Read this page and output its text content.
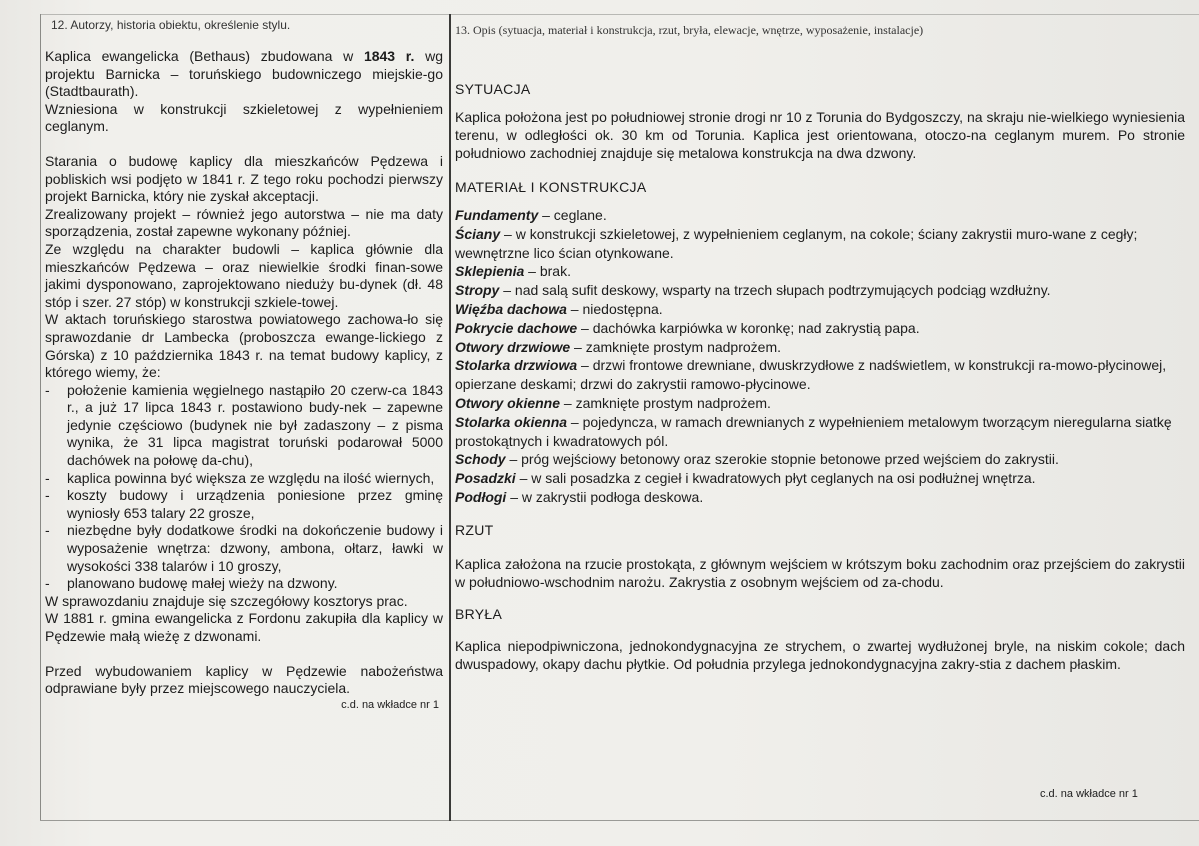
12. Autorzy, historia obiektu, określenie stylu.

Kaplica ewangelicka (Bethaus) zbudowana w 1843 r. wg projektu Barnicka – toruńskiego budowniczego miejskie-go (Stadtbaurath).

Wzniesiona w konstrukcji szkieletowej z wypełnieniem ceglanym.

Starania o budowę kaplicy dla mieszkańców Pędzewa i pobliskich wsi podjęto w 1841 r. Z tego roku pochodzi pierwszy projekt Barnicka, który nie zyskał akceptacji.

Zrealizowany projekt – również jego autorstwa – nie ma daty sporządzenia, został zapewne wykonany później.

Ze względu na charakter budowli – kaplica głównie dla mieszkańców Pędzewa – oraz niewielkie środki finan-sowe jakimi dysponowano, zaprojektowano nieduży bu-dynek (dł. 48 stóp i szer. 27 stóp) w konstrukcji szkiele-towej.

W aktach toruńskiego starostwa powiatowego zachowa-ło się sprawozdanie dr Lambecka (proboszcza ewange-lickiego z Górska) z 10 października 1843 r. na temat budowy kaplicy, z którego wiemy, że:

- położenie kamienia węgielnego nastąpiło 20 czerw-ca 1843 r., a już 17 lipca 1843 r. postawiono budy-nek – zapewne jedynie częściowo (budynek nie był zadaszony – z pisma wynika, że 31 lipca magistrat toruński podarował 5000 dachówek na połowę da-chu),
- kaplica powinna być większa ze względu na ilość wiernych,
- koszty budowy i urządzenia poniesione przez gminę wyniosły 653 talary 22 grosze,
- niezbędne były dodatkowe środki na dokończenie budowy i wyposażenie wnętrza: dzwony, ambona, ołtarz, ławki w wysokości 338 talarów i 10 groszy,
- planowano budowę małej wieży na dzwony.

W sprawozdaniu znajduje się szczegółowy kosztorys prac.

W 1881 r. gmina ewangelicka z Fordonu zakupiła dla kaplicy w Pędzewie małą wieżę z dzwonami.

Przed wybudowaniem kaplicy w Pędzewie nabożeństwa odprawiane były przez miejscowego nauczyciela.

c.d. na wkładce nr 1

13. Opis (sytuacja, materiał i konstrukcja, rzut, bryła, elewacje, wnętrze, wyposażenie, instalacje)

SYTUACJA

Kaplica położona jest po południowej stronie drogi nr 10 z Torunia do Bydgoszczy, na skraju nie-wielkiego wyniesienia terenu, w odległości ok. 30 km od Torunia. Kaplica jest orientowana, otoczo-na ceglanym murem. Po stronie południowo zachodniej znajduje się metalowa konstrukcja na dwa dzwony.

MATERIAŁ I KONSTRUKCJA

Fundamenty – ceglane.

Ściany – w konstrukcji szkieletowej, z wypełnieniem ceglanym, na cokole; ściany zakrystii muro-wane z cegły; wewnętrzne lico ścian otynkowane.

Sklepienia – brak.

Stropy – nad salą sufit deskowy, wsparty na trzech słupach podtrzymujących podciąg wzdłużny.

Więźba dachowa – niedostępna.

Pokrycie dachowe – dachówka karpiówka w koronkę; nad zakrystią papa.

Otwory drzwiowe – zamknięte prostym nadprożem.

Stolarka drzwiowa – drzwi frontowe drewniane, dwuskrzydłowe z nadświetlem, w konstrukcji ra-mowo-płycinowej, opierzane deskami; drzwi do zakrystii ramowo-płycinowe.

Otwory okienne – zamknięte prostym nadprożem.

Stolarka okienna – pojedyncza, w ramach drewnianych z wypełnieniem metalowym tworzącym nieregularna siatkę prostokątnych i kwadratowych pól.

Schody – próg wejściowy betonowy oraz szerokie stopnie betonowe przed wejściem do zakrystii.

Posadzki – w sali posadzka z cegieł i kwadratowych płyt ceglanych na osi podłużnej wnętrza.

Podłogi – w zakrystii podłoga deskowa.

RZUT

Kaplica założona na rzucie prostokąta, z głównym wejściem w krótszym boku zachodnim oraz przejściem do zakrystii w południowo-wschodnim narożu. Zakrystia z osobnym wejściem od za-chodu.

BRYŁA

Kaplica niepodpiwniczona, jednokondygnacyjna ze strychem, o zwartej wydłużonej bryle, na niskim cokole; dach dwuspadowy, okapy dachu płytkie. Od południa przylega jednokondygnacyjna zakry-stia z dachem płaskim.

c.d. na wkładce nr 1
